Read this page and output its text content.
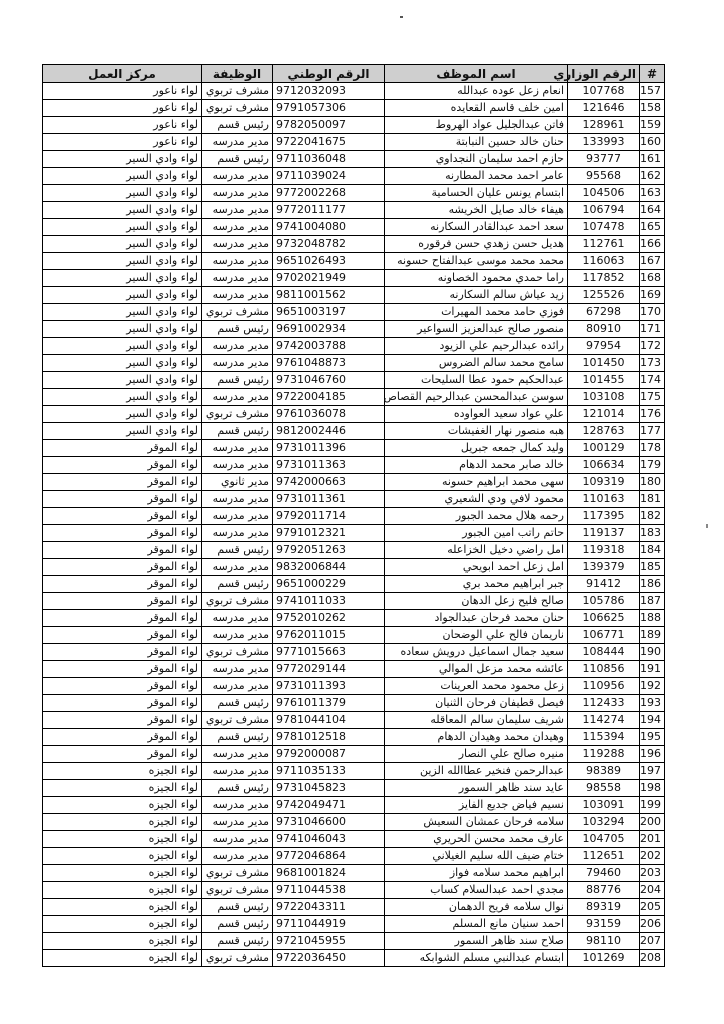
#	الرقم الوزاري	اسم الموظف	الرقم الوطني	الوظيفة	مركز العمل
157	107768	انعام زعل عوده عبدالله	9712032093	مشرف تربوي	لواء ناعور
158	121646	امين خلف قاسم القعايده	9791057306	مشرف تربوي	لواء ناعور
159	128961	فاتن عبدالجليل عواد الهروط	9782050097	رئيس قسم	لواء ناعور
160	133993	حنان خالد حسين النبابتة	9722041675	مدير مدرسه	لواء ناعور
161	93777	حازم احمد سليمان النجداوي	9711036048	رئيس قسم	لواء وادي السير
162	95568	عامر احمد محمد المطارنه	9711039024	مدير مدرسه	لواء وادي السير
163	104506	ابتسام يونس عليان الحسامية	9772002268	مدير مدرسه	لواء وادي السير
164	106794	هيفاء خالد صايل الخريشه	9772011177	مدير مدرسه	لواء وادي السير
165	107478	سعد احمد عبدالقادر السكارنه	9741004080	مدير مدرسه	لواء وادي السير
166	112761	هديل حسن زهدي حسن فرقوره	9732048782	مدير مدرسه	لواء وادي السير
167	116063	محمد محمد موسى عبدالفتاح حسونه	9651026493	مدير مدرسه	لواء وادي السير
168	117852	راما حمدي محمود الخصاونه	9702021949	مدير مدرسه	لواء وادي السير
169	125526	زيد عياش سالم السكارنه	9811001562	مدير مدرسه	لواء وادي السير
170	67298	فوزي حامد محمد المهيرات	9651003197	مشرف تربوي	لواء وادي السير
171	80910	منصور صالح عبدالعزيز السواعير	9691002934	رئيس قسم	لواء وادي السير
172	97954	رائده عبدالرحيم علي الزيود	9742003788	مدير مدرسه	لواء وادي السير
173	101450	سامح محمد سالم الضروس	9761048873	مدير مدرسه	لواء وادي السير
174	101455	عبدالحكيم حمود عطا السليحات	9731046760	رئيس قسم	لواء وادي السير
175	103108	سوسن عبدالمحسن عبدالرحيم القصاص	9722004185	مدير مدرسه	لواء وادي السير
176	121014	علي عواد سعيد العواوده	9761036078	مشرف تربوي	لواء وادي السير
177	128763	هبه منصور نهار الغفيشات	9812002446	رئيس قسم	لواء وادي السير
178	100129	وليد كمال جمعه جبريل	9731011396	مدير مدرسه	لواء الموقر
179	106634	خالد صابر محمد الدهام	9731011363	مدير مدرسه	لواء الموقر
180	109319	سهى محمد ابراهيم حسونه	9742000663	مدير ثانوي	لواء الموقر
181	110163	محمود لافي ودي الشعيري	9731011361	مدير مدرسه	لواء الموقر
182	117395	رحمه هلال محمد الجبور	9792011714	مدير مدرسه	لواء الموقر
183	119137	حاتم راتب امين الجبور	9791012321	مدير مدرسه	لواء الموقر
184	119318	امل راضي دخيل الخزاعله	9792051263	رئيس قسم	لواء الموقر
185	139379	امل زعل احمد ابويحي	9832006844	مدير مدرسه	لواء الموقر
186	91412	جبر ابراهيم محمد بري	9651000229	رئيس قسم	لواء الموقر
187	105786	صالح فليح زعل الدهان	9741011033	مشرف تربوي	لواء الموقر
188	106625	حنان محمد فرحان عبدالجواد	9752010262	مدير مدرسه	لواء الموقر
189	106771	ناريمان فالح علي الوضحان	9762011015	مدير مدرسه	لواء الموقر
190	108444	سعيد جمال اسماعيل درويش سعاده	9771015663	مشرف تربوي	لواء الموقر
191	110856	عائشه محمد مزعل الموالي	9772029144	مدير مدرسه	لواء الموقر
192	110956	زعل محمود محمد العرينات	9731011393	مدير مدرسه	لواء الموقر
193	112433	فيصل قطيفان فرحان الثنيان	9761011379	رئيس قسم	لواء الموقر
194	114274	شريف سليمان سالم المعاقله	9781044104	مشرف تربوي	لواء الموقر
195	115394	وهيدان محمد وهيدان الدهام	9781012518	رئيس قسم	لواء الموقر
196	119288	منيره صالح علي النصار	9792000087	مدير مدرسه	لواء الموقر
197	98389	عبدالرحمن فنخير عطاالله الزين	9711035133	مدير مدرسه	لواء الجيزه
198	98558	عايد سند ظاهر السمور	9731045823	رئيس قسم	لواء الجيزه
199	103091	نسيم فياض جديع الفايز	9742049471	مدير مدرسه	لواء الجيزه
200	103294	سلامه فرحان عمشان السعيش	9731046600	مدير مدرسه	لواء الجيزه
201	104705	عارف محمد محسن الحريري	9741046043	مدير مدرسه	لواء الجيزه
202	112651	ختام ضيف الله سليم الغيلاني	9772046864	مدير مدرسه	لواء الجيزه
203	79460	ابراهيم محمد سلامه فواز	9681001824	مشرف تربوي	لواء الجيزه
204	88776	مجدي احمد عبدالسلام كساب	9711044538	مشرف تربوي	لواء الجيزه
205	89319	نوال سلامه فريح الدهمان	9722043311	رئيس قسم	لواء الجيزه
206	93159	احمد سنيان مانع المسلم	9711044919	رئيس قسم	لواء الجيزه
207	98110	صلاح سند ظاهر السمور	9721045955	رئيس قسم	لواء الجيزه
208	101269	ابتسام عبدالنبي مسلم الشوابكه	9722036450	مشرف تربوي	لواء الجيزه
